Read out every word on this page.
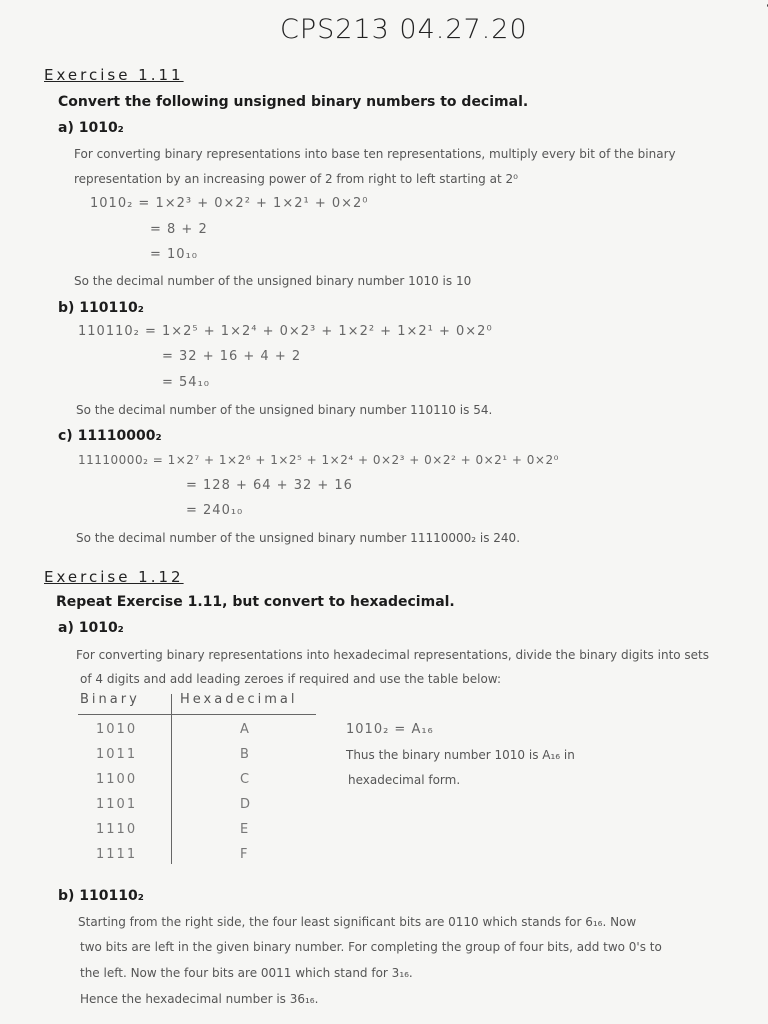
CPS213 04.27.20
Exercise 1.11
Convert the following unsigned binary numbers to decimal.
a) 1010₂
For converting binary representations into base ten representations, multiply every bit of the binary
representation by an increasing power of 2 from right to left starting at 2⁰
1010₂ = 1×2³ + 0×2² + 1×2¹ + 0×2⁰
= 8 + 2
= 10₁₀
So the decimal number of the unsigned binary number 1010 is 10
b) 110110₂
110110₂ = 1×2⁵ + 1×2⁴ + 0×2³ + 1×2² + 1×2¹ + 0×2⁰
= 32 + 16 + 4 + 2
= 54₁₀
So the decimal number of the unsigned binary number 110110 is 54.
c) 11110000₂
11110000₂ = 1×2⁷ + 1×2⁶ + 1×2⁵ + 1×2⁴ + 0×2³ + 0×2² + 0×2¹ + 0×2⁰
= 128 + 64 + 32 + 16
= 240₁₀
So the decimal number of the unsigned binary number 11110000₂ is 240.
Exercise 1.12
Repeat Exercise 1.11, but convert to hexadecimal.
a) 1010₂
For converting binary representations into hexadecimal representations, divide the binary digits into sets
of 4 digits and add leading zeroes if required and use the table below:
Binary	Hexadecimal
1010	A
1011	B
1100	C
1101	D
1110	E
1111	F
1010₂ = A₁₆
Thus the binary number 1010 is A₁₆ in
hexadecimal form.
b) 110110₂
Starting from the right side, the four least significant bits are 0110 which stands for 6₁₆. Now
two bits are left in the given binary number. For completing the group of four bits, add two 0's to
the left. Now the four bits are 0011 which stand for 3₁₆.
Hence the hexadecimal number is 36₁₆.
